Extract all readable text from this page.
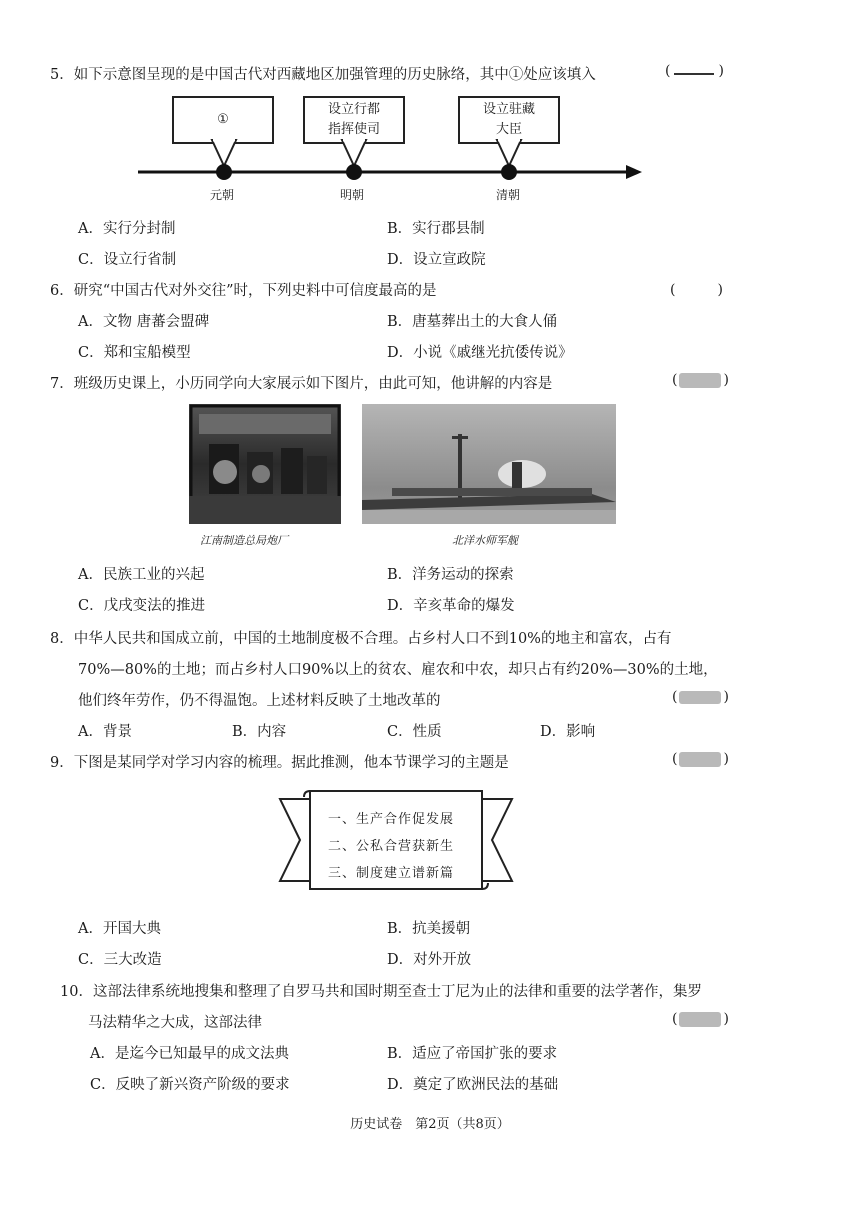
5．如下示意图呈现的是中国古代对西藏地区加强管理的历史脉络，其中①处应该填入	(	)
①
设立行都
指挥使司
设立驻藏
大臣
元朝	明朝	清朝
A．实行分封制	B．实行郡县制
C．设立行省制	D．设立宣政院
6．研究“中国古代对外交往”时，下列史料中可信度最高的是	(　　　)
A．文物 唐蕃会盟碑	B．唐墓葬出土的大食人俑
C．郑和宝船模型	D．小说《戚继光抗倭传说》
7．班级历史课上，小历同学向大家展示如下图片，由此可知，他讲解的内容是	(	)
江南制造总局炮厂	北洋水师军舰
A．民族工业的兴起	B．洋务运动的探索
C．戊戌变法的推进	D．辛亥革命的爆发
8．中华人民共和国成立前，中国的土地制度极不合理。占乡村人口不到10%的地主和富农，占有
70%—80%的土地；而占乡村人口90%以上的贫农、雇农和中农，却只占有约20%—30%的土地，
他们终年劳作，仍不得温饱。上述材料反映了土地改革的	(	)
A．背景	B．内容	C．性质	D．影响
9．下图是某同学对学习内容的梳理。据此推测，他本节课学习的主题是	(	)
一、生产合作促发展
二、公私合营获新生
三、制度建立谱新篇
A．开国大典	B．抗美援朝
C．三大改造	D．对外开放
10．这部法律系统地搜集和整理了自罗马共和国时期至查士丁尼为止的法律和重要的法学著作，集罗
马法精华之大成，这部法律	(	)
A．是迄今已知最早的成文法典	B．适应了帝国扩张的要求
C．反映了新兴资产阶级的要求	D．奠定了欧洲民法的基础
历史试卷　第2页（共8页）
